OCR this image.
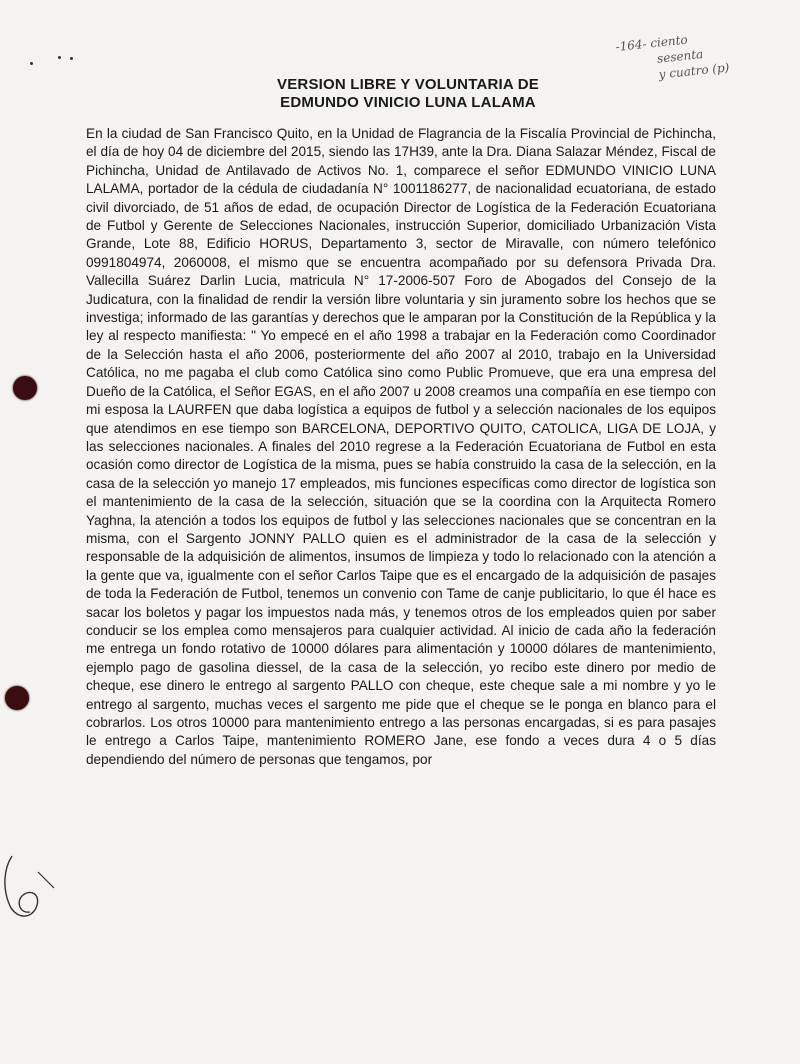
-164- ciento
sesenta
y cuatro (p)
VERSION LIBRE Y VOLUNTARIA DE
EDMUNDO VINICIO LUNA LALAMA

En la ciudad de San Francisco Quito, en la Unidad de Flagrancia de la Fiscalía Provincial de Pichincha, el día de hoy 04 de diciembre del 2015, siendo las 17H39, ante la Dra. Diana Salazar Méndez, Fiscal de Pichincha, Unidad de Antilavado de Activos No. 1, comparece el señor EDMUNDO VINICIO LUNA LALAMA, portador de la cédula de ciudadanía N° 1001186277, de nacionalidad ecuatoriana, de estado civil divorciado, de 51 años de edad, de ocupación Director de Logística de la Federación Ecuatoriana de Futbol y Gerente de Selecciones Nacionales, instrucción Superior, domiciliado Urbanización Vista Grande, Lote 88, Edificio HORUS, Departamento 3, sector de Miravalle, con número telefónico 0991804974, 2060008, el mismo que se encuentra acompañado por su defensora Privada Dra. Vallecilla Suárez Darlin Lucia, matricula N° 17-2006-507 Foro de Abogados del Consejo de la Judicatura, con la finalidad de rendir la versión libre voluntaria y sin juramento sobre los hechos que se investiga; informado de las garantías y derechos que le amparan por la Constitución de la República y la ley al respecto manifiesta: " Yo empecé en el año 1998 a trabajar en la Federación como Coordinador de la Selección hasta el año 2006, posteriormente del año 2007 al 2010, trabajo en la Universidad Católica, no me pagaba el club como Católica sino como Public Promueve, que era una empresa del Dueño de la Católica, el Señor EGAS, en el año 2007 u 2008 creamos una compañía en ese tiempo con mi esposa la LAURFEN que daba logística a equipos de futbol y a selección nacionales de los equipos que atendimos en ese tiempo son BARCELONA, DEPORTIVO QUITO, CATOLICA, LIGA DE LOJA, y las selecciones nacionales. A finales del 2010 regrese a la Federación Ecuatoriana de Futbol en esta ocasión como director de Logística de la misma, pues se había construido la casa de la selección, en la casa de la selección yo manejo 17 empleados, mis funciones específicas como director de logística son el mantenimiento de la casa de la selección, situación que se la coordina con la Arquitecta Romero Yaghna, la atención a todos los equipos de futbol y las selecciones nacionales que se concentran en la misma, con el Sargento JONNY PALLO quien es el administrador de la casa de la selección y responsable de la adquisición de alimentos, insumos de limpieza y todo lo relacionado con la atención a la gente que va, igualmente con el señor Carlos Taipe que es el encargado de la adquisición de pasajes de toda la Federación de Futbol, tenemos un convenio con Tame de canje publicitario, lo que él hace es sacar los boletos y pagar los impuestos nada más, y tenemos otros de los empleados quien por saber conducir se los emplea como mensajeros para cualquier actividad. Al inicio de cada año la federación me entrega un fondo rotativo de 10000 dólares para alimentación y 10000 dólares de mantenimiento, ejemplo pago de gasolina diessel, de la casa de la selección, yo recibo este dinero por medio de cheque, ese dinero le entrego al sargento PALLO con cheque, este cheque sale a mi nombre y yo le entrego al sargento, muchas veces el sargento me pide que el cheque se le ponga en blanco para el cobrarlos. Los otros 10000 para mantenimiento entrego a las personas encargadas, si es para pasajes le entrego a Carlos Taipe, mantenimiento ROMERO Jane, ese fondo a veces dura 4 o 5 días dependiendo del número de personas que tengamos, por
